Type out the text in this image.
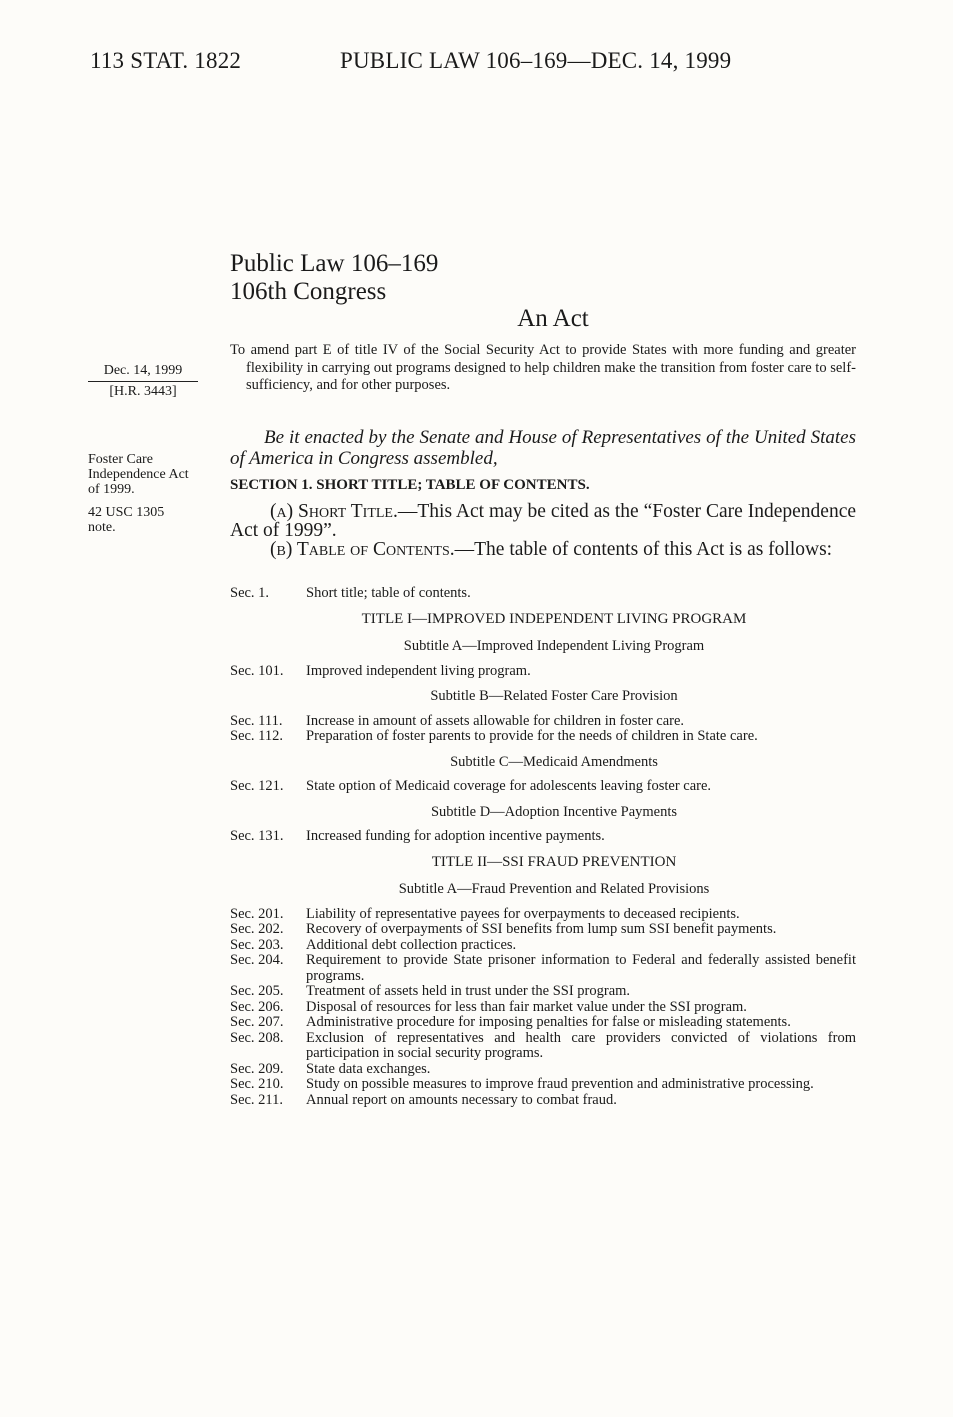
113 STAT. 1822	PUBLIC LAW 106–169—DEC. 14, 1999
Public Law 106–169
106th Congress
An Act
Dec. 14, 1999
[H.R. 3443]
Foster Care
Independence Act
of 1999.
42 USC 1305
note.
To amend part E of title IV of the Social Security Act to provide States with more funding and greater flexibility in carrying out programs designed to help children make the transition from foster care to self-sufficiency, and for other purposes.
Be it enacted by the Senate and House of Representatives of the United States of America in Congress assembled,
SECTION 1. SHORT TITLE; TABLE OF CONTENTS.
(a) Short Title.—This Act may be cited as the “Foster Care Independence Act of 1999”.
(b) Table of Contents.—The table of contents of this Act is as follows:
Sec. 1.	Short title; table of contents.
TITLE I—IMPROVED INDEPENDENT LIVING PROGRAM
Subtitle A—Improved Independent Living Program
Sec. 101.	Improved independent living program.
Subtitle B—Related Foster Care Provision
Sec. 111.	Increase in amount of assets allowable for children in foster care.
Sec. 112.	Preparation of foster parents to provide for the needs of children in State care.
Subtitle C—Medicaid Amendments
Sec. 121.	State option of Medicaid coverage for adolescents leaving foster care.
Subtitle D—Adoption Incentive Payments
Sec. 131.	Increased funding for adoption incentive payments.
TITLE II—SSI FRAUD PREVENTION
Subtitle A—Fraud Prevention and Related Provisions
Sec. 201.	Liability of representative payees for overpayments to deceased recipients.
Sec. 202.	Recovery of overpayments of SSI benefits from lump sum SSI benefit payments.
Sec. 203.	Additional debt collection practices.
Sec. 204.	Requirement to provide State prisoner information to Federal and federally assisted benefit programs.
Sec. 205.	Treatment of assets held in trust under the SSI program.
Sec. 206.	Disposal of resources for less than fair market value under the SSI program.
Sec. 207.	Administrative procedure for imposing penalties for false or misleading statements.
Sec. 208.	Exclusion of representatives and health care providers convicted of violations from participation in social security programs.
Sec. 209.	State data exchanges.
Sec. 210.	Study on possible measures to improve fraud prevention and administrative processing.
Sec. 211.	Annual report on amounts necessary to combat fraud.
